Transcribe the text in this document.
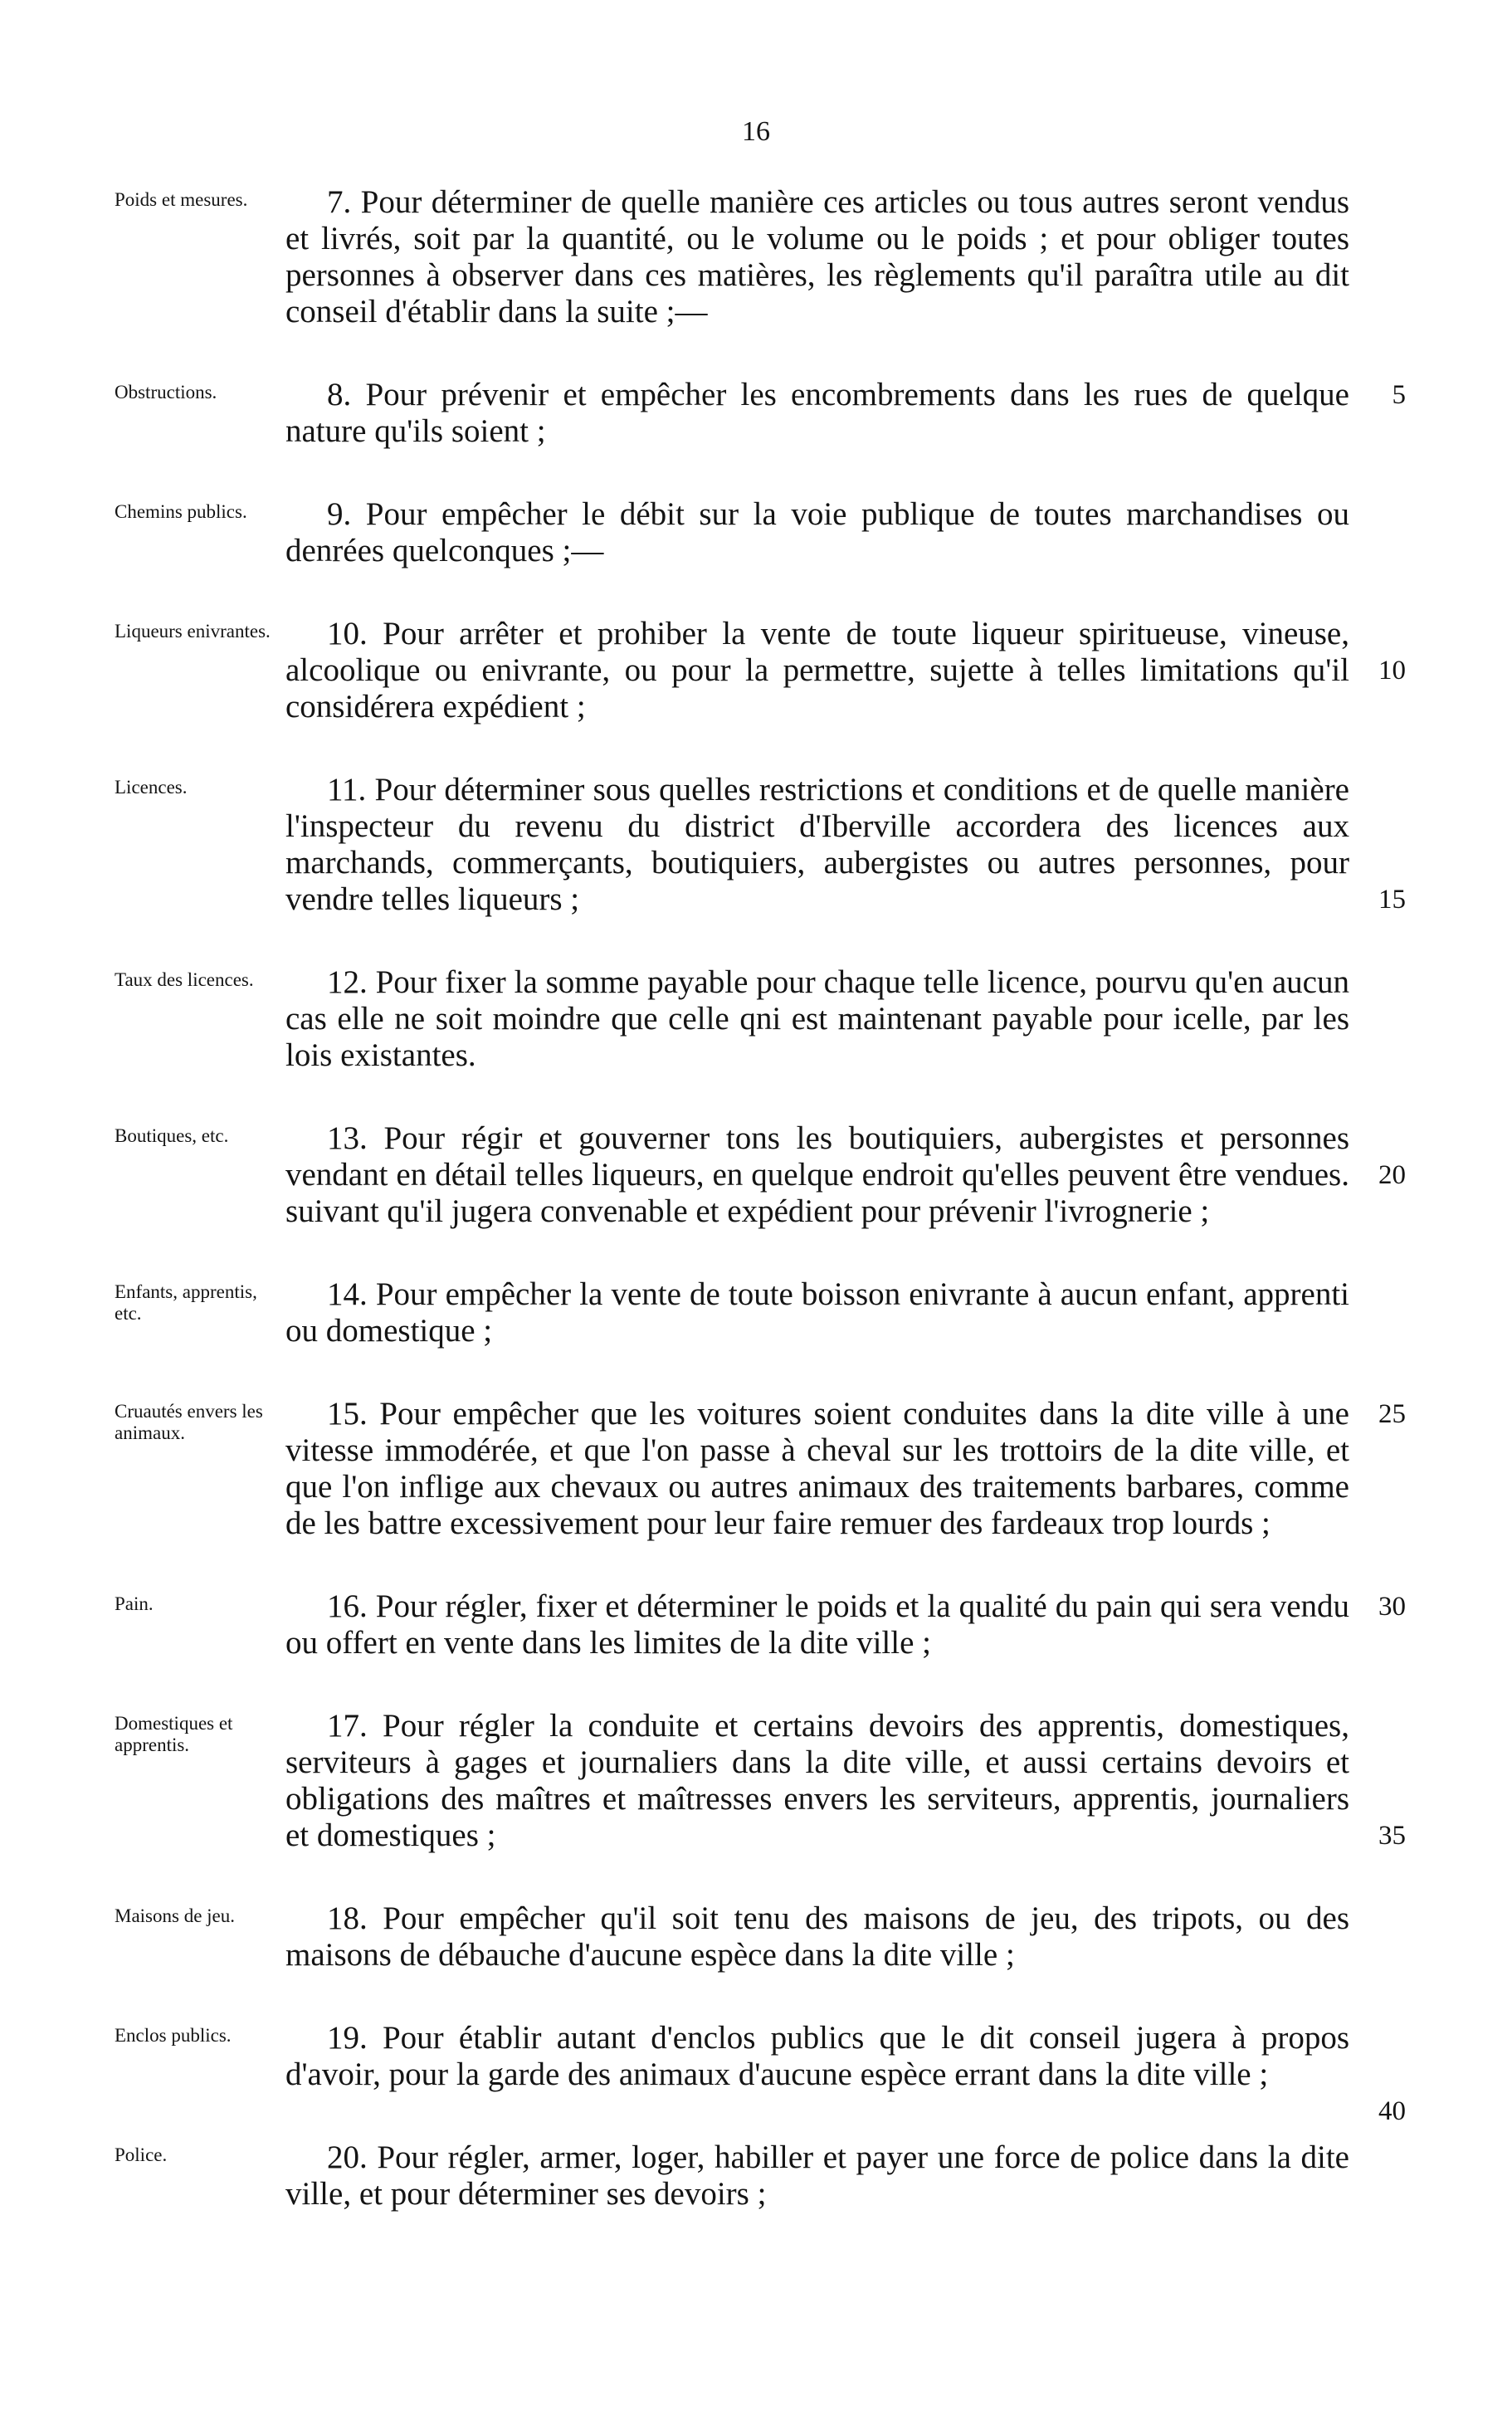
16
Poids et mesures.	7. Pour déterminer de quelle manière ces articles ou tous autres seront vendus et livrés, soit par la quantité, ou le volume ou le poids ; et pour obliger toutes personnes à observer dans ces matières, les règlements qu'il paraîtra utile au dit conseil d'établir dans la suite ;—
Obstructions.	5
8. Pour prévenir et empêcher les encombrements dans les rues de quelque nature qu'ils soient ;
Chemins publics.	9. Pour empêcher le débit sur la voie publique de toutes marchandises ou denrées quelconques ;—
Liqueurs enivrantes.
10
10. Pour arrêter et prohiber la vente de toute liqueur spiritueuse, vineuse, alcoolique ou enivrante, ou pour la permettre, sujette à telles limitations qu'il considérera expédient ;
Licences.
15
11. Pour déterminer sous quelles restrictions et conditions et de quelle manière l'inspecteur du revenu du district d'Iberville accordera des licences aux marchands, commerçants, boutiquiers, aubergistes ou autres personnes, pour vendre telles liqueurs ;
Taux des licences.	12. Pour fixer la somme payable pour chaque telle licence, pourvu qu'en aucun cas elle ne soit moindre que celle qni est maintenant payable pour icelle, par les lois existantes.
Boutiques, etc.
20
13. Pour régir et gouverner tons les boutiquiers, aubergistes et personnes vendant en détail telles liqueurs, en quelque endroit qu'elles peuvent être vendues. suivant qu'il jugera convenable et expédient pour prévenir l'ivrognerie ;
Enfants, apprentis, etc.
14. Pour empêcher la vente de toute boisson enivrante à aucun enfant, apprenti ou domestique ;
Cruautés envers les animaux.
25
15. Pour empêcher que les voitures soient conduites dans la dite ville à une vitesse immodérée, et que l'on passe à cheval sur les trottoirs de la dite ville, et que l'on inflige aux chevaux ou autres animaux des traitements barbares, comme de les battre excessivement pour leur faire remuer des fardeaux trop lourds ;
Pain.	30
16. Pour régler, fixer et déterminer le poids et la qualité du pain qui sera vendu ou offert en vente dans les limites de la dite ville ;
Domestiques et apprentis.
35
17. Pour régler la conduite et certains devoirs des apprentis, domestiques, serviteurs à gages et journaliers dans la dite ville, et aussi certains devoirs et obligations des maîtres et maîtresses envers les serviteurs, apprentis, journaliers et domestiques ;
Maisons de jeu.	18. Pour empêcher qu'il soit tenu des maisons de jeu, des tripots, ou des maisons de débauche d'aucune espèce dans la dite ville ;
Enclos publics.
40
19. Pour établir autant d'enclos publics que le dit conseil jugera à propos d'avoir, pour la garde des animaux d'aucune espèce errant dans la dite ville ;
Police.	20. Pour régler, armer, loger, habiller et payer une force de police dans la dite ville, et pour déterminer ses devoirs ;
